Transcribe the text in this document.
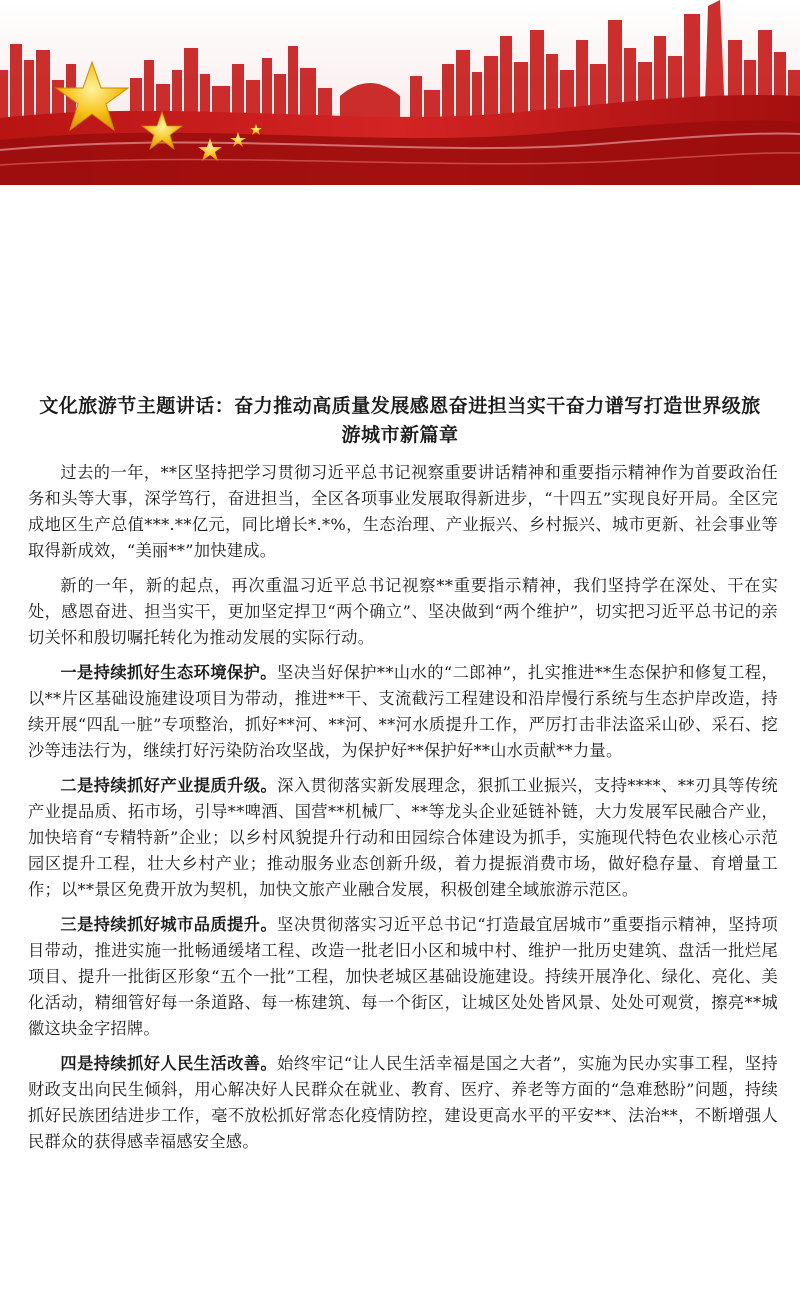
文化旅游节主题讲话：奋力推动高质量发展感恩奋进担当实干奋力谱写打造世界级旅游城市新篇章

过去的一年，**区坚持把学习贯彻习近平总书记视察重要讲话精神和重要指示精神作为首要政治任务和头等大事，深学笃行，奋进担当，全区各项事业发展取得新进步，“十四五”实现良好开局。全区完成地区生产总值***.**亿元，同比增长*.*%，生态治理、产业振兴、乡村振兴、城市更新、社会事业等取得新成效，“美丽**”加快建成。

新的一年，新的起点，再次重温习近平总书记视察**重要指示精神，我们坚持学在深处、干在实处，感恩奋进、担当实干，更加坚定捍卫“两个确立”、坚决做到“两个维护”，切实把习近平总书记的亲切关怀和殷切嘱托转化为推动发展的实际行动。

一是持续抓好生态环境保护。坚决当好保护**山水的“二郎神”，扎实推进**生态保护和修复工程，以**片区基础设施建设项目为带动，推进**干、支流截污工程建设和沿岸慢行系统与生态护岸改造，持续开展“四乱一脏”专项整治，抓好**河、**河、**河水质提升工作，严厉打击非法盗采山砂、采石、挖沙等违法行为，继续打好污染防治攻坚战，为保护好**保护好**山水贡献**力量。

二是持续抓好产业提质升级。深入贯彻落实新发展理念，狠抓工业振兴，支持****、**刃具等传统产业提品质、拓市场，引导**啤酒、国营**机械厂、**等龙头企业延链补链，大力发展军民融合产业，加快培育“专精特新”企业；以乡村风貌提升行动和田园综合体建设为抓手，实施现代特色农业核心示范园区提升工程，壮大乡村产业；推动服务业态创新升级，着力提振消费市场，做好稳存量、育增量工作；以**景区免费开放为契机，加快文旅产业融合发展，积极创建全域旅游示范区。

三是持续抓好城市品质提升。坚决贯彻落实习近平总书记“打造最宜居城市”重要指示精神，坚持项目带动，推进实施一批畅通缓堵工程、改造一批老旧小区和城中村、维护一批历史建筑、盘活一批烂尾项目、提升一批街区形象“五个一批”工程，加快老城区基础设施建设。持续开展净化、绿化、亮化、美化活动，精细管好每一条道路、每一栋建筑、每一个街区，让城区处处皆风景、处处可观赏，擦亮**城徽这块金字招牌。

四是持续抓好人民生活改善。始终牢记“让人民生活幸福是国之大者”，实施为民办实事工程，坚持财政支出向民生倾斜，用心解决好人民群众在就业、教育、医疗、养老等方面的“急难愁盼”问题，持续抓好民族团结进步工作，毫不放松抓好常态化疫情防控，建设更高水平的平安**、法治**，不断增强人民群众的获得感幸福感安全感。
